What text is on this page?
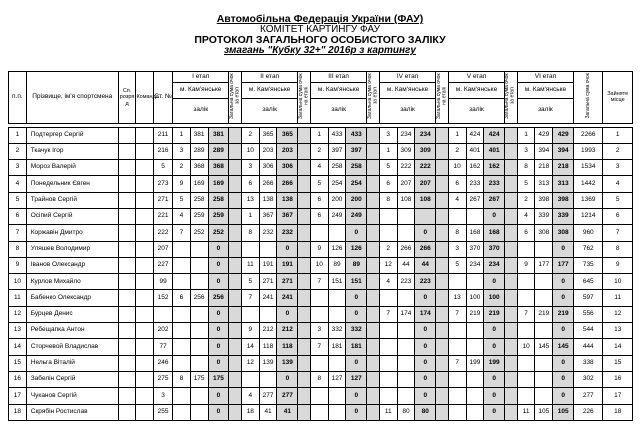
Автомобільна Федерація України (ФАУ)
КОМІТЕТ КАРТИНГУ ФАУ
ПРОТОКОЛ ЗАГАЛЬНОГО ОСОБИСТОГО ЗАЛІКУ
змагань "Кубку 32+" 2016р з картингу
п.п.	Прізвище, ім'я спортсмена	Сп. розря д	Команда	Ст. №	I етап			Загальна сума очок за етап	II етап			Загальна сума очок на етапі	III етап			Загальна сума очок за етап	IV етап			Загальна сума очок на етапі	V етап			Загальна сума очок за етап	VI етап			Загальна сума очок	Зайняте місце
					м. Кам'янське				м. Кам'янське				м. Кам'янське				м. Кам'янське				м. Кам'янське				м. Кам'янське				
					залік				залік				залік				залік				залік				залік				

1	Подтергер Сергій			211	1	381	381		2	365	365		1	433	433		3	234	234		1	424	424		1	429	429	2266	1
2	Ткачук Ігор			216	3	289	289		10	203	203		2	397	397		1	309	309		2	401	401		3	394	394	1993	2
3	Мороз Валерій			5	2	368	368		3	306	306		4	258	258		5	222	222		10	162	162		8	218	218	1534	3
4	Понедельник Євген			273	9	169	169		6	266	266		5	254	254		6	207	207		6	233	233		5	313	313	1442	4
5	Трайнов Сергій			271	5	258	258		13	138	138		6	200	200		8	108	108		4	267	267		2	398	398	1369	5
6	Осіпий Сергій			221	4	259	259		1	367	367		6	249	249								0		4	339	339	1214	6
7	Коржавін Дмитро			222	7	252	252		8	232	232				0				0		8	168	168		6	308	308	960	7
8	Уляшев Володимир			207			0				0		9	126	126		2	266	266		3	370	370				0	762	8
9	Іванов Олександр			227			0		11	191	191		10	89	89		12	44	44		5	234	234		9	177	177	735	9
10	Курлов Михайло			99			0		5	271	271		7	151	151		4	223	223				0				0	645	10
11	Бабенко Олександр			152	6	256	256		7	241	241				0				0		13	100	100				0	597	11
12	Бурцев Денис						0				0				0		7	174	174		7	219	219		7	219	219	556	12
13	Ребещапка Антон			202			0		9	212	212		3	332	332				0				0				0	544	13
14	Сторчевой Владислав			77			0		14	118	118		7	181	181				0				0		10	145	145	444	14
15	Нельга Віталій			246			0		12	139	139				0				0		7	199	199				0	338	15
16	Забелін Сергій			275	8	175	175				0		8	127	127				0				0				0	302	16
17	Чуканов Сергій			3			0		4	277	277				0				0				0				0	277	17
18	Скрябін Ростислав			255			0		18	41	41				0		11	80	80				0		11	105	105	226	18
